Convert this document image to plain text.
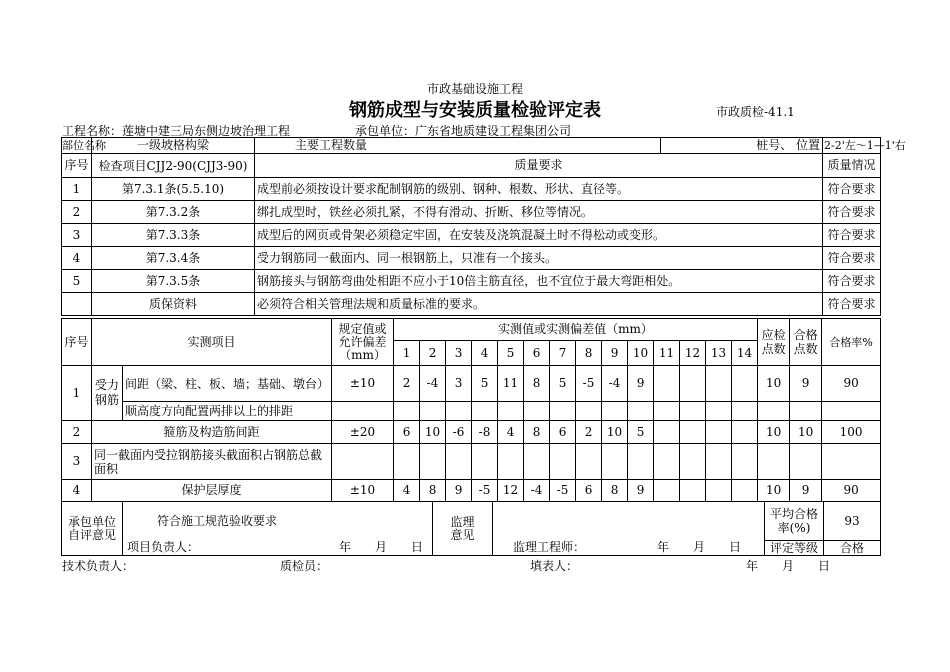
市政基础设施工程
钢筋成型与安装质量检验评定表	市政质检-41.1
工程名称：莲塘中建三局东侧边坡治理工程	承包单位：广东省地质建设工程集团公司
部位名称	一级坡格构梁	主要工程数量	桩号、 位置	2-2'左～1—1'右
序号	检查项目CJJ2-90(CJJ3-90)	质量要求		质量情况
1	第7.3.1条(5.5.10)	成型前必须按设计要求配制钢筋的级别、钢种、根数、形状、直径等。		符合要求
2	第7.3.2条	绑扎成型时，铁丝必须扎紧，不得有滑动、折断、移位等情况。		符合要求
3	第7.3.3条	成型后的网页或骨架必须稳定牢固，在安装及浇筑混凝土时不得松动或变形。		符合要求
4	第7.3.4条	受力钢筋同一截面内、同一根钢筋上，只准有一个接头。		符合要求
5	第7.3.5条	钢筋接头与钢筋弯曲处相距不应小于10倍主筋直径，也不宜位于最大弯距相处。		符合要求
	质保资料	必须符合相关管理法规和质量标准的要求。		符合要求
序号	实测项目		规定值或允许偏差（mm）	实测值或实测偏差值（mm）														应检点数	合格点数	合格率%
				1	2	3	4	5	6	7	8	9	10	11	12	13	14			
1	受力钢筋	间距（梁、柱、板、墙；基础、墩台）	±10	2	-4	3	5	11	8	5	-5	-4	9					10	9	90
		顺高度方向配置两排以上的排距																		
2	箍筋及构造筋间距		±20	6	10	-6	-8	4	8	6	2	10	5					10	10	100
3	同一截面内受拉钢筋接头截面积占钢筋总截面积																			
4	保护层厚度		±10	4	8	9	-5	12	-4	-5	6	8	9					10	9	90
承包单位自评意见	符合施工规范验收要求	监理意见		平均合格率(%)	93
	项目负责人： 年　　月　　日		监理工程师： 年　　月　　日	评定等级	合格
技术负责人：	质检员：	填表人：	年　　月　　日
